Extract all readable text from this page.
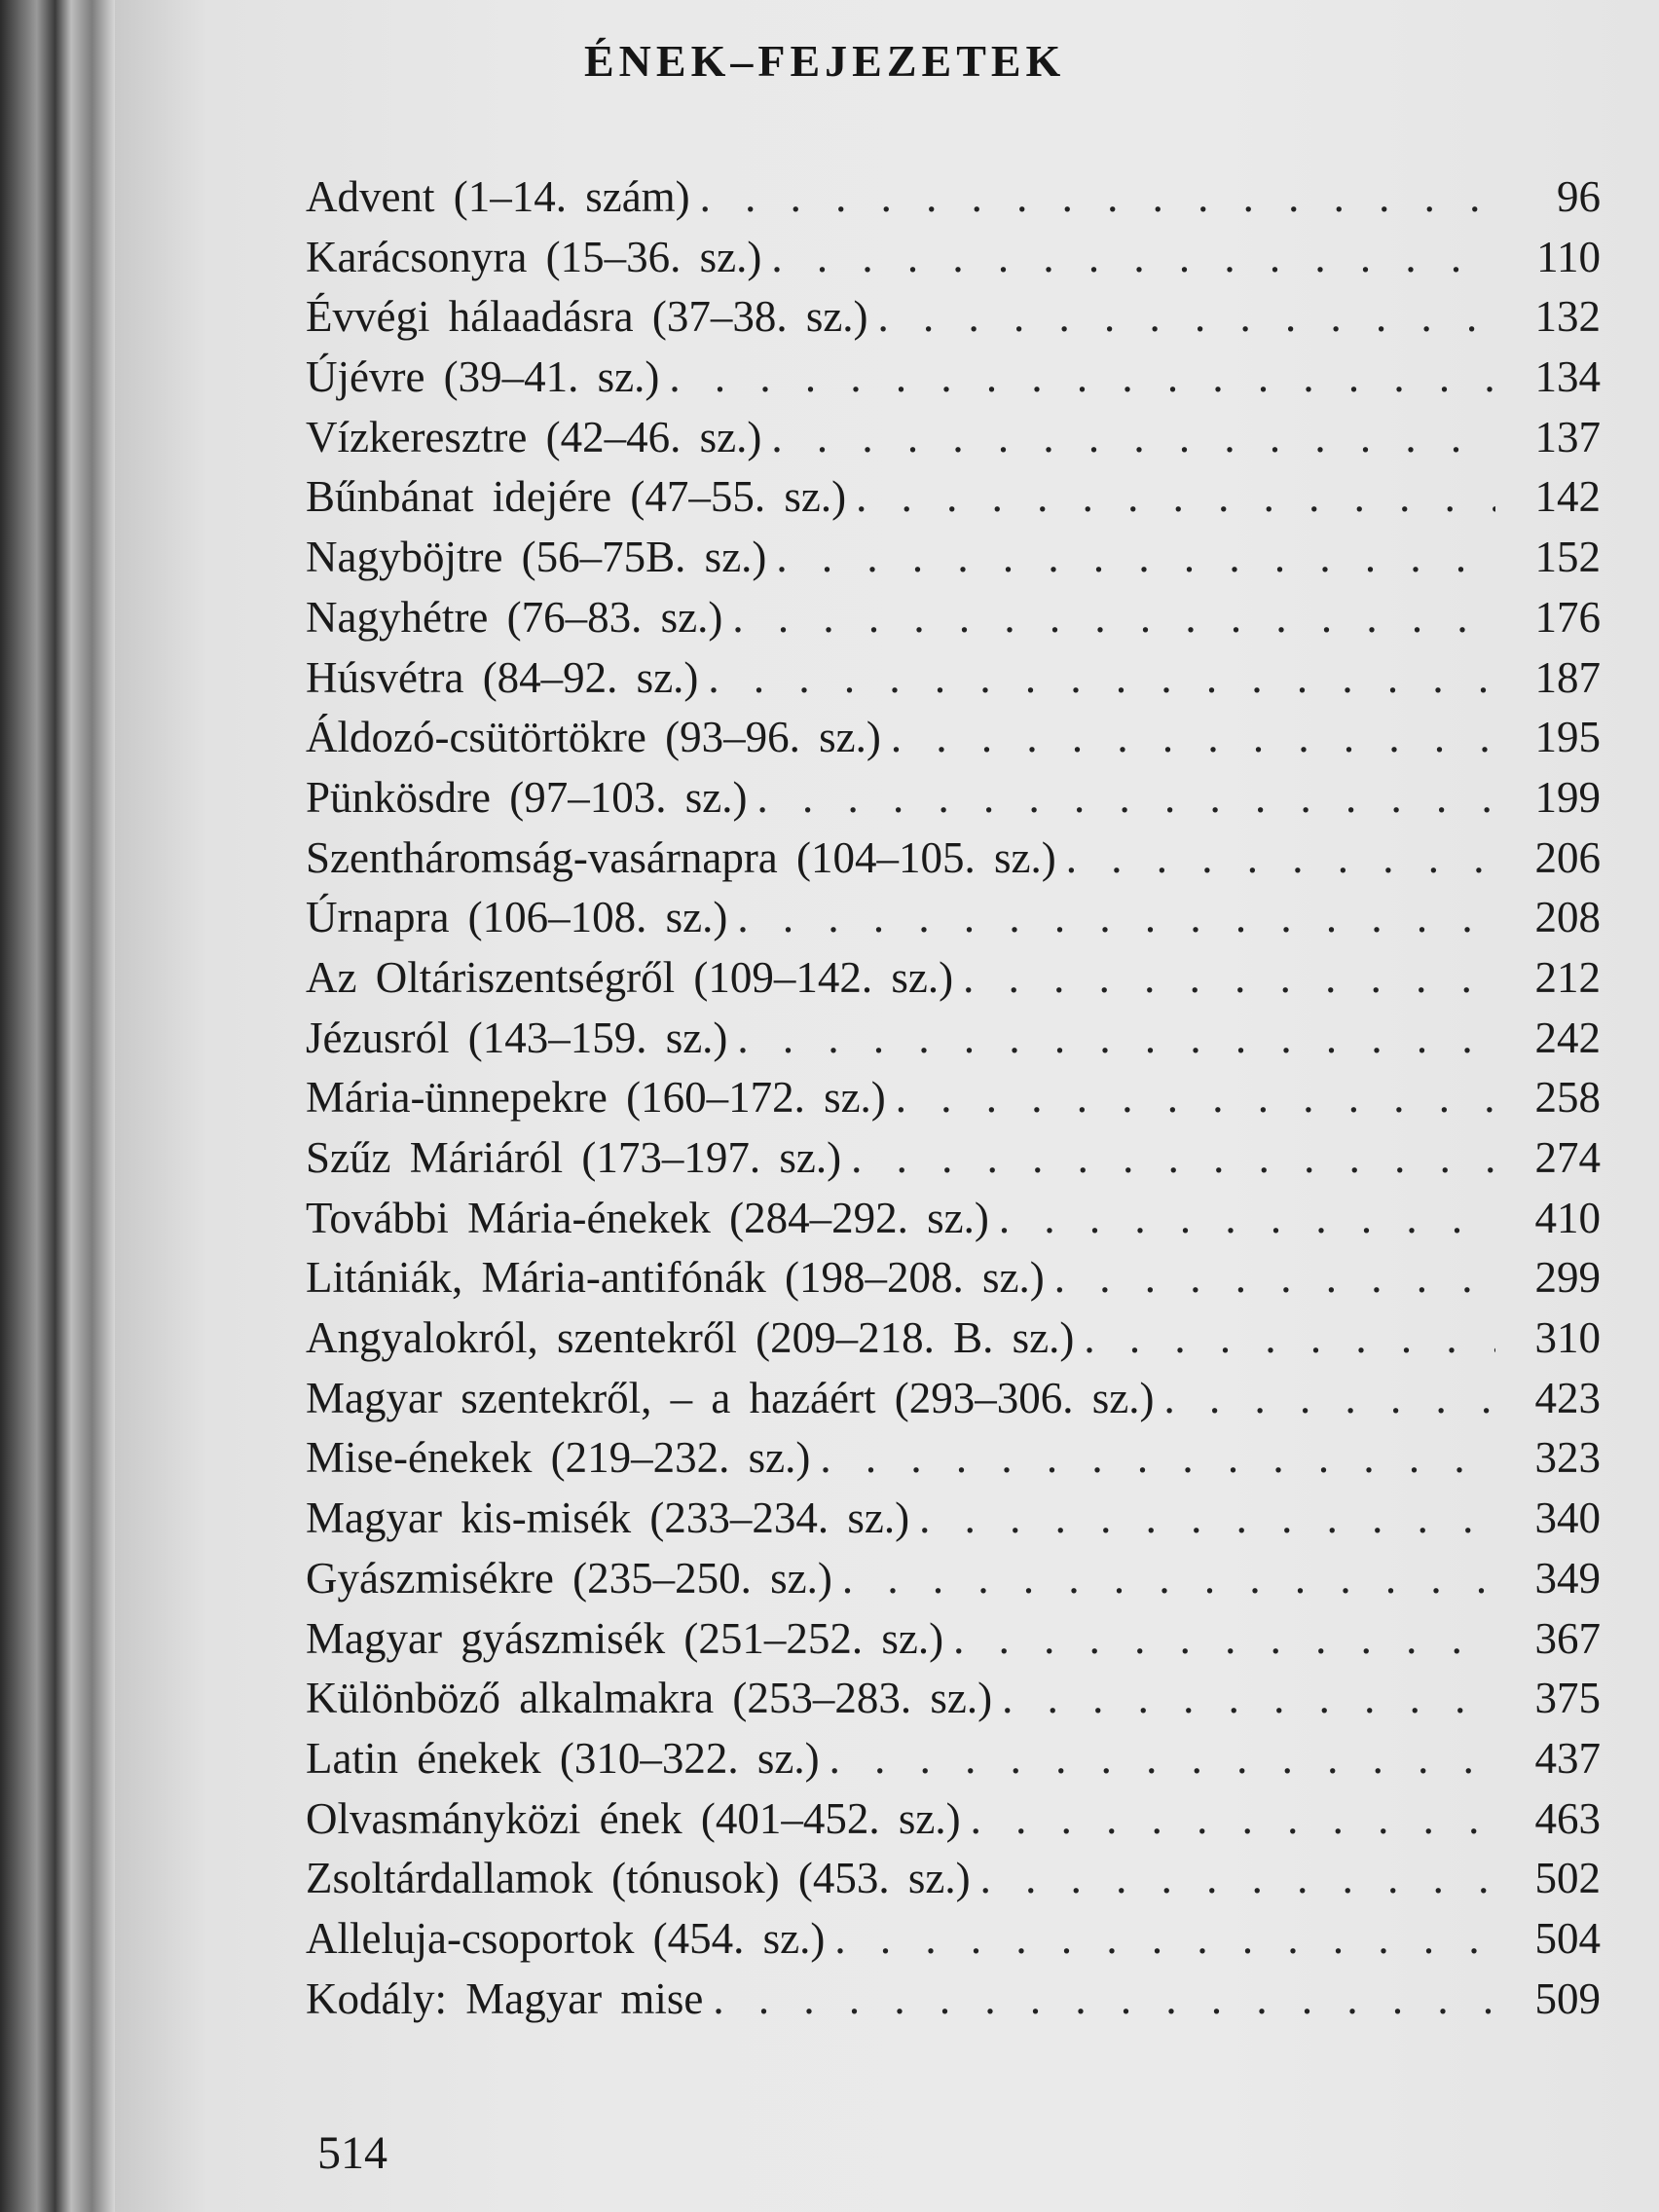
ÉNEK–FEJEZETEK
Advent (1–14. szám) . . .	96
Karácsonyra (15–36. sz.) . . .	110
Évvégi hálaadásra (37–38. sz.) . . .	132
Újévre (39–41. sz.) . . .	134
Vízkeresztre (42–46. sz.) . . .	137
Bűnbánat idejére (47–55. sz.) . . .	142
Nagyböjtre (56–75B. sz.) . . .	152
Nagyhétre (76–83. sz.) . . .	176
Húsvétra (84–92. sz.) . . .	187
Áldozó-csütörtökre (93–96. sz.) . . .	195
Pünkösdre (97–103. sz.) . . .	199
Szentháromság-vasárnapra (104–105. sz.) . . .	206
Úrnapra (106–108. sz.) . . .	208
Az Oltáriszentségről (109–142. sz.) . . .	212
Jézusról (143–159. sz.) . . .	242
Mária-ünnepekre (160–172. sz.) . . .	258
Szűz Máriáról (173–197. sz.) . . .	274
További Mária-énekek (284–292. sz.) . . .	410
Litániák, Mária-antifónák (198–208. sz.) . . .	299
Angyalokról, szentekről (209–218. B. sz.) . . .	310
Magyar szentekről, – a hazáért (293–306. sz.) . . .	423
Mise-énekek (219–232. sz.) . . .	323
Magyar kis-misék (233–234. sz.) . . .	340
Gyászmisékre (235–250. sz.) . . .	349
Magyar gyászmisék (251–252. sz.) . . .	367
Különböző alkalmakra (253–283. sz.) . . .	375
Latin énekek (310–322. sz.) . . .	437
Olvasmányközi ének (401–452. sz.) . . .	463
Zsoltárdallamok (tónusok) (453. sz.) . . .	502
Alleluja-csoportok (454. sz.) . . .	504
Kodály: Magyar mise . . .	509
514
